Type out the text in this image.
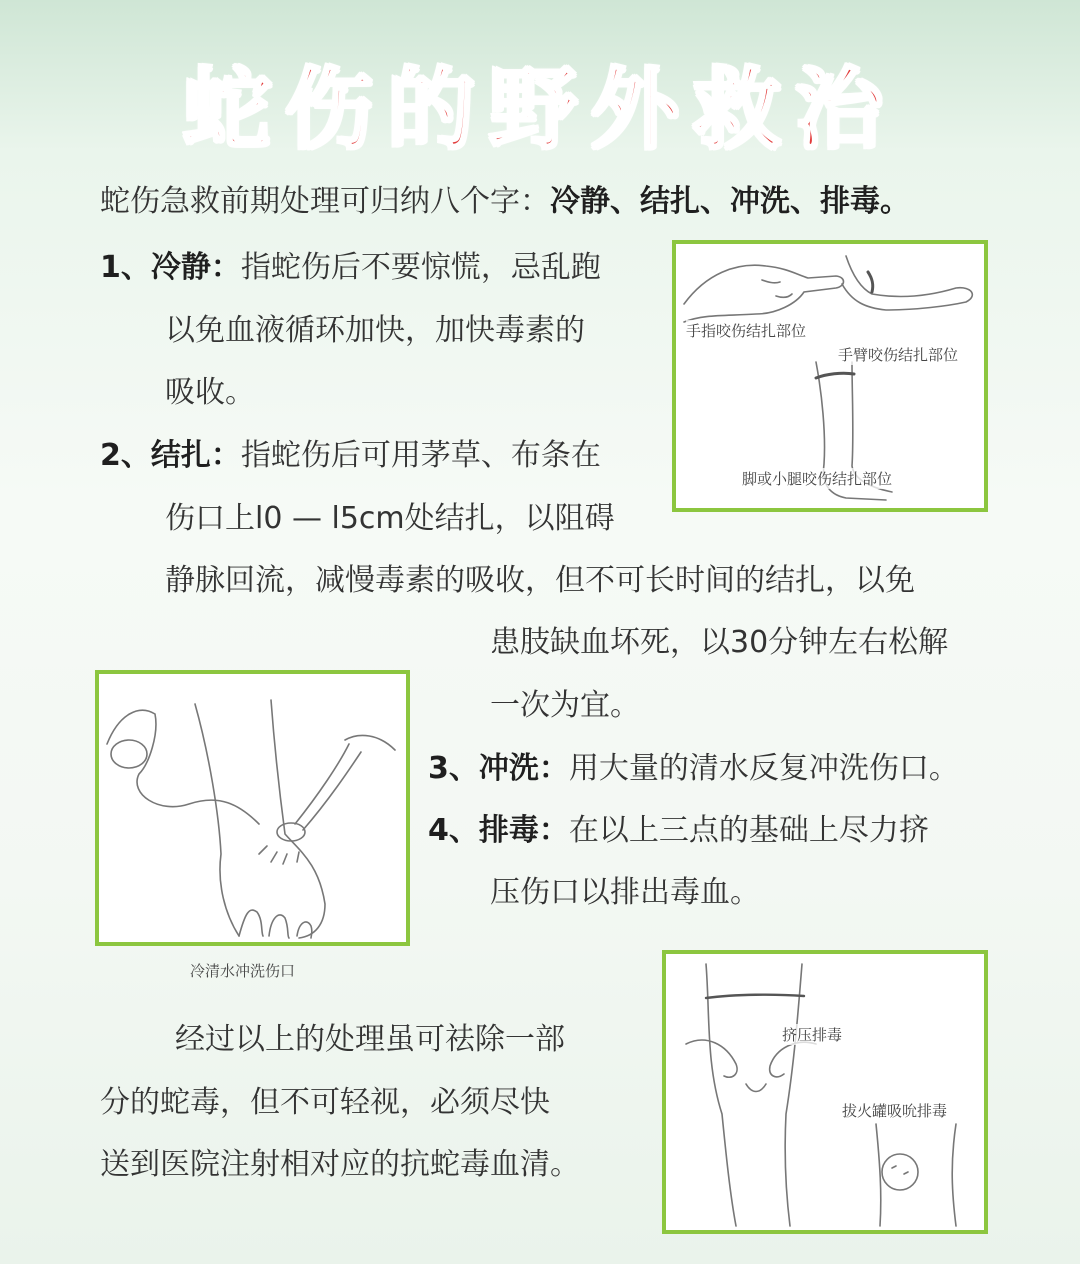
蛇伤的野外救治
蛇伤急救前期处理可归纳八个字：冷静、结扎、冲洗、排毒。
1、冷静：指蛇伤后不要惊慌，忌乱跑
以免血液循环加快，加快毒素的
吸收。
2、结扎：指蛇伤后可用茅草、布条在
伤口上l0 — l5cm处结扎，以阻碍
静脉回流，减慢毒素的吸收，但不可长时间的结扎，以免
患肢缺血坏死，以30分钟左右松解
一次为宜。
3、冲洗：用大量的清水反复冲洗伤口。
4、排毒：在以上三点的基础上尽力挤
压伤口以排出毒血。
经过以上的处理虽可祛除一部
分的蛇毒，但不可轻视，必须尽快
送到医院注射相对应的抗蛇毒血清。
手指咬伤结扎部位
手臂咬伤结扎部位
脚或小腿咬伤结扎部位
冷清水冲洗伤口
挤压排毒
拔火罐吸吮排毒
